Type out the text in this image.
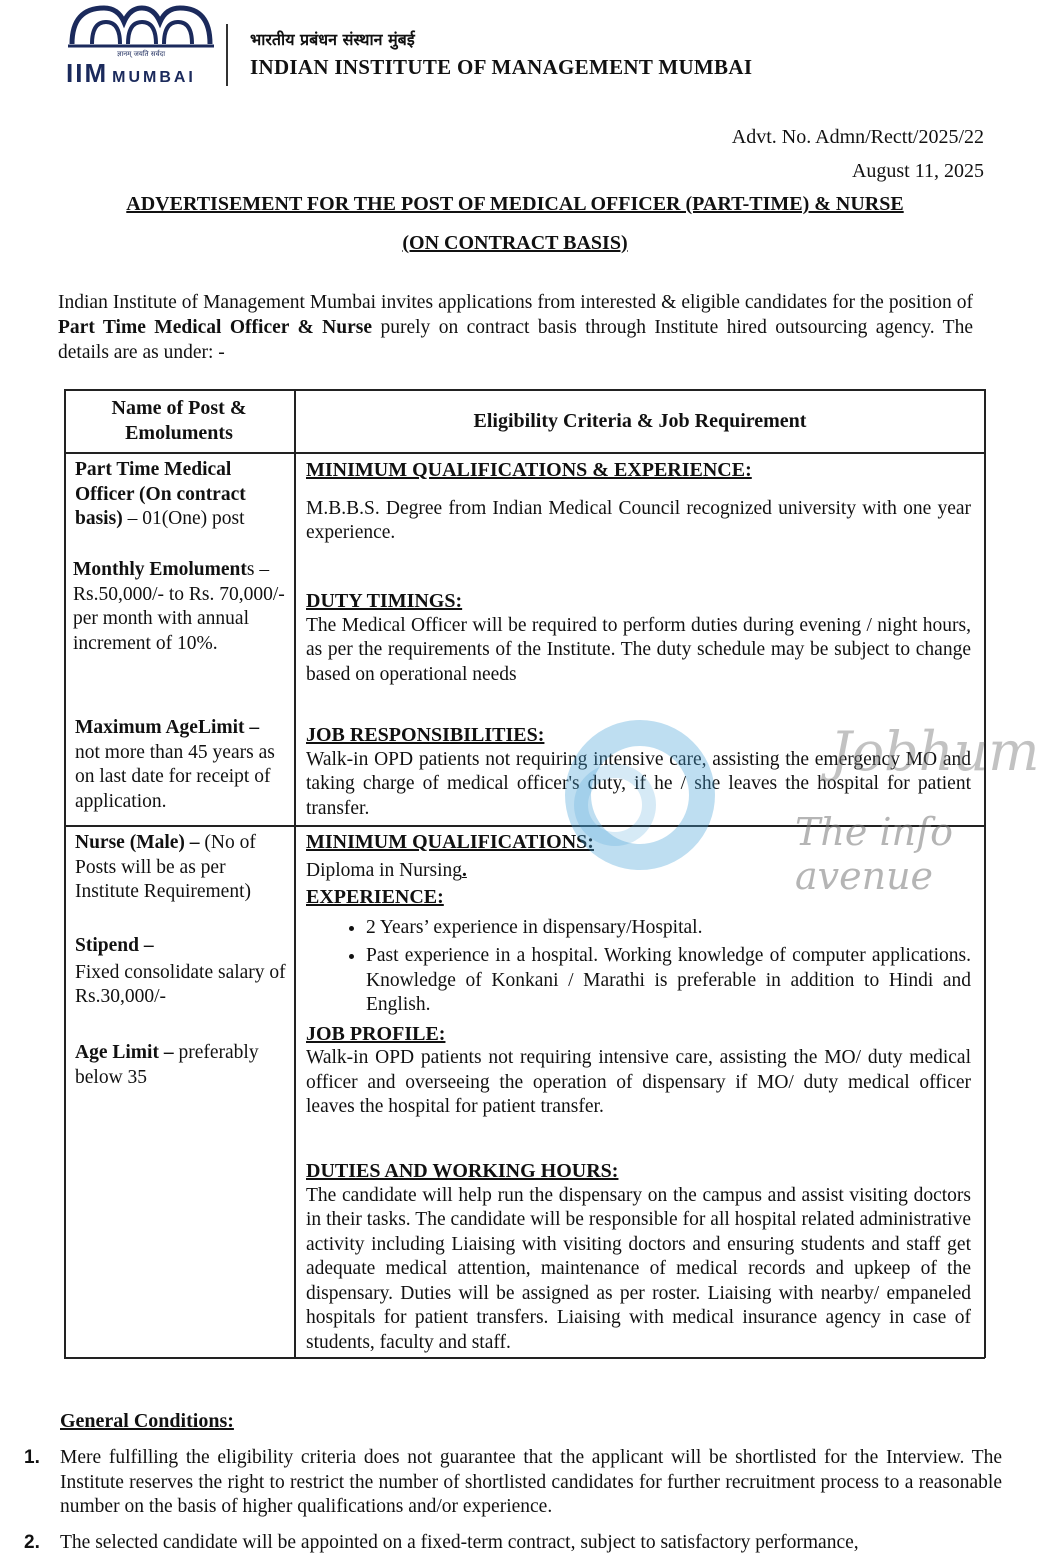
ज्ञानम् जयति सर्वदा
IIM MUMBAI
भारतीय प्रबंधन संस्थान मुंबई
INDIAN INSTITUTE OF MANAGEMENT MUMBAI
Advt. No. Admn/Rectt/2025/22
August 11, 2025
ADVERTISEMENT FOR THE POST OF MEDICAL OFFICER (PART-TIME) & NURSE
(ON CONTRACT BASIS)
Indian Institute of Management Mumbai invites applications from interested & eligible candidates for the position of Part Time Medical Officer & Nurse purely on contract basis through Institute hired outsourcing agency. The details are as under: -
Name of Post & Emoluments
Eligibility Criteria & Job Requirement
Part Time Medical Officer (On contract basis) – 01(One) post
Monthly Emoluments – Rs.50,000/- to Rs. 70,000/- per month with annual increment of 10%.
Maximum AgeLimit – not more than 45 years as on last date for receipt of application.
MINIMUM QUALIFICATIONS & EXPERIENCE:
M.B.B.S. Degree from Indian Medical Council recognized university with one year experience.
DUTY TIMINGS:
The Medical Officer will be required to perform duties during evening / night hours, as per the requirements of the Institute. The duty schedule may be subject to change based on operational needs
JOB RESPONSIBILITIES:
Walk-in OPD patients not requiring intensive care, assisting the emergency MO and taking charge of medical officer's duty, if he / she leaves the hospital for patient transfer.
Nurse (Male) – (No of Posts will be as per Institute Requirement)
Stipend –
Fixed consolidate salary of Rs.30,000/-
Age Limit – preferably below 35
MINIMUM QUALIFICATIONS:
Diploma in Nursing.
EXPERIENCE:
• 2 Years’ experience in dispensary/Hospital.
• Past experience in a hospital. Working knowledge of computer applications. Knowledge of Konkani / Marathi is preferable in addition to Hindi and English.
JOB PROFILE:
Walk-in OPD patients not requiring intensive care, assisting the MO/ duty medical officer and overseeing the operation of dispensary if MO/ duty medical officer leaves the hospital for patient transfer.
DUTIES AND WORKING HOURS:
The candidate will help run the dispensary on the campus and assist visiting doctors in their tasks. The candidate will be responsible for all hospital related administrative activity including Liaising with visiting doctors and ensuring students and staff get adequate medical attention, maintenance of medical records and upkeep of the dispensary. Duties will be assigned as per roster. Liaising with nearby/ empaneled hospitals for patient transfers. Liaising with medical insurance agency in case of students, faculty and staff.
General Conditions:
1. Mere fulfilling the eligibility criteria does not guarantee that the applicant will be shortlisted for the Interview. The Institute reserves the right to restrict the number of shortlisted candidates for further recruitment process to a reasonable number on the basis of higher qualifications and/or experience.
2. The selected candidate will be appointed on a fixed-term contract, subject to satisfactory performance,
Jobhum
The info avenue
